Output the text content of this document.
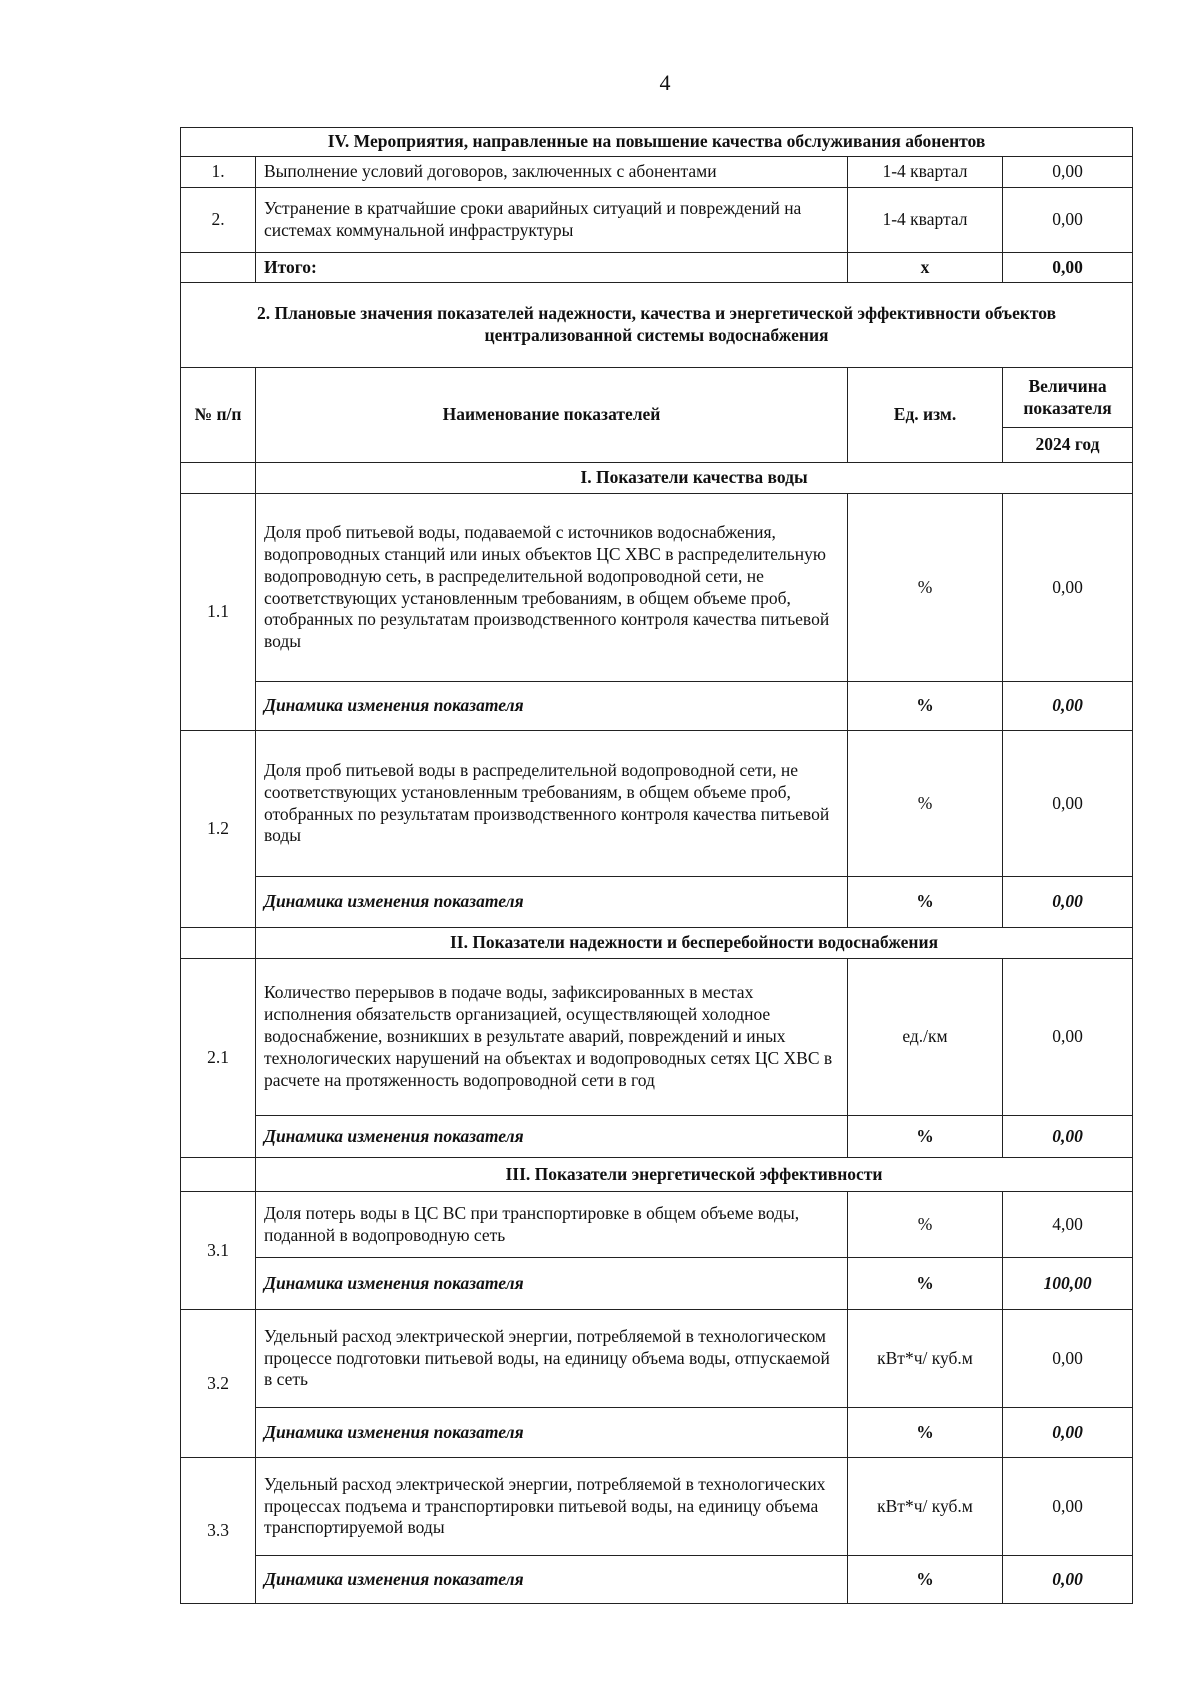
4
IV. Мероприятия, направленные на повышение качества обслуживания абонентов			
1.	Выполнение условий договоров, заключенных с абонентами	1-4 квартал	0,00
2.	Устранение в кратчайшие сроки аварийных ситуаций и повреждений на системах коммунальной инфраструктуры	1-4 квартал	0,00
	Итого:	х	0,00
2. Плановые значения показателей надежности, качества и энергетической эффективности объектов централизованной системы водоснабжения			
№ п/п	Наименование показателей	Ед. изм.	Величина показателя
			2024 год
	I. Показатели качества воды		
1.1	Доля проб питьевой воды, подаваемой с источников водоснабжения, водопроводных станций или иных объектов ЦС ХВС в распределительную водопроводную сеть, в распределительной водопроводной сети, не соответствующих установленным требованиям, в общем объеме проб, отобранных по результатам производственного контроля качества питьевой воды	%	0,00
	Динамика изменения показателя	%	0,00
1.2	Доля проб питьевой воды в распределительной водопроводной сети, не соответствующих установленным требованиям, в общем объеме проб, отобранных по результатам производственного контроля качества питьевой воды	%	0,00
	Динамика изменения показателя	%	0,00
	II. Показатели надежности и бесперебойности водоснабжения		
2.1	Количество перерывов в подаче воды, зафиксированных в местах исполнения обязательств организацией, осуществляющей холодное водоснабжение, возникших в результате аварий, повреждений и иных технологических нарушений на объектах и водопроводных сетях ЦС ХВС в расчете на протяженность водопроводной сети в год	ед./км	0,00
	Динамика изменения показателя	%	0,00
	III. Показатели энергетической эффективности		
3.1	Доля потерь воды в ЦС ВС при транспортировке в общем объеме воды, поданной в водопроводную сеть	%	4,00
	Динамика изменения показателя	%	100,00
3.2	Удельный расход электрической энергии, потребляемой в технологическом процессе подготовки питьевой воды, на единицу объема воды, отпускаемой в сеть	кВт*ч/ куб.м	0,00
	Динамика изменения показателя	%	0,00
3.3	Удельный расход электрической энергии, потребляемой в технологических процессах подъема и транспортировки питьевой воды, на единицу объема транспортируемой воды	кВт*ч/ куб.м	0,00
	Динамика изменения показателя	%	0,00
